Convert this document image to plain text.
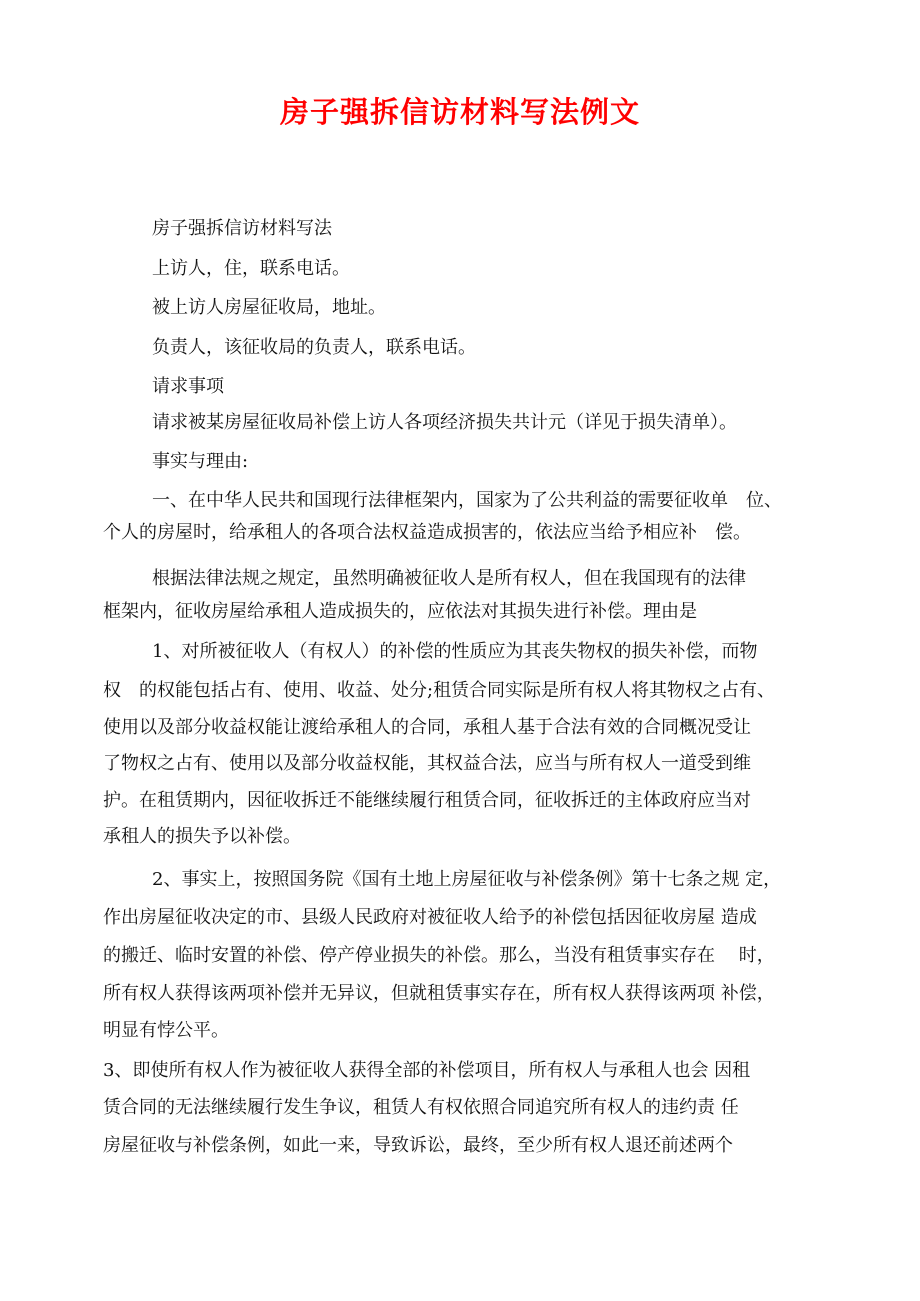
房子强拆信访材料写法例文
房子强拆信访材料写法
上访人，住，联系电话。
被上访人房屋征收局，地址。
负责人，该征收局的负责人，联系电话。
请求事项
请求被某房屋征收局补偿上访人各项经济损失共计元（详见于损失清单）。
事实与理由:
一、在中华人民共和国现行法律框架内，国家为了公共利益的需要征收单　位、
个人的房屋时，给承租人的各项合法权益造成损害的，依法应当给予相应补　偿。
根据法律法规之规定，虽然明确被征收人是所有权人，但在我国现有的法律
框架内，征收房屋给承租人造成损失的，应依法对其损失进行补偿。理由是
1、对所被征收人（有权人）的补偿的性质应为其丧失物权的损失补偿，而物
权　的权能包括占有、使用、收益、处分;租赁合同实际是所有权人将其物权之占有、
使用以及部分收益权能让渡给承租人的合同，承租人基于合法有效的合同概况受让
了物权之占有、使用以及部分收益权能，其权益合法，应当与所有权人一道受到维
护。在租赁期内，因征收拆迁不能继续履行租赁合同，征收拆迁的主体政府应当对
承租人的损失予以补偿。
2、事实上，按照国务院《国有土地上房屋征收与补偿条例》第十七条之规 定，
作出房屋征收决定的市、县级人民政府对被征收人给予的补偿包括因征收房屋 造成
的搬迁、临时安置的补偿、停产停业损失的补偿。那么，当没有租赁事实存在　 时，
所有权人获得该两项补偿并无异议，但就租赁事实存在，所有权人获得该两项 补偿，
明显有悖公平。
3、即使所有权人作为被征收人获得全部的补偿项目，所有权人与承租人也会 因租
赁合同的无法继续履行发生争议，租赁人有权依照合同追究所有权人的违约责 任
房屋征收与补偿条例，如此一来，导致诉讼，最终，至少所有权人退还前述两个
